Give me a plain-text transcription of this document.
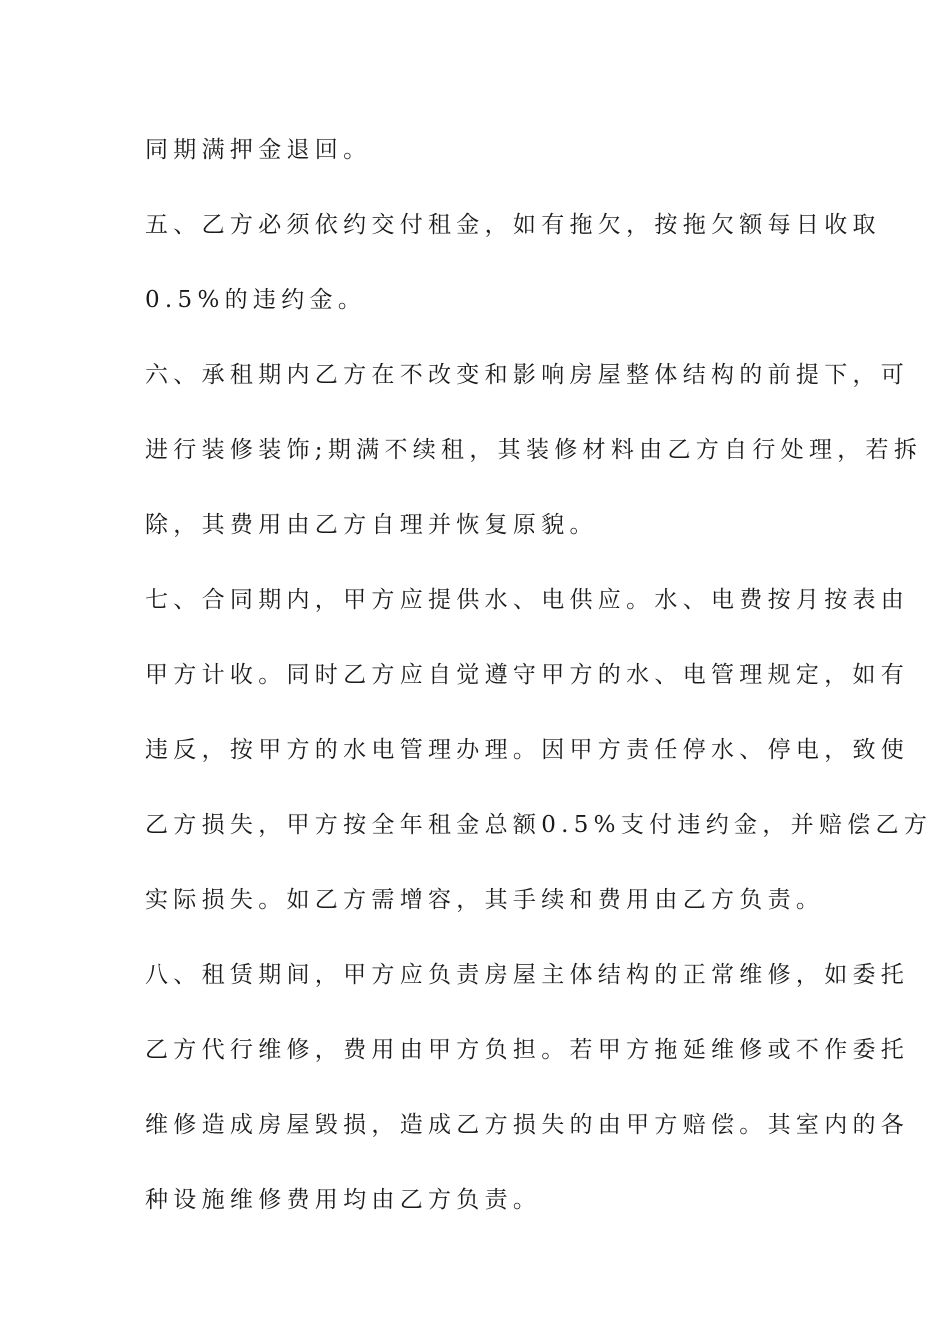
同期满押金退回。
五、乙方必须依约交付租金，如有拖欠，按拖欠额每日收取
0.5%的违约金。
六、承租期内乙方在不改变和影响房屋整体结构的前提下，可
进行装修装饰;期满不续租，其装修材料由乙方自行处理，若拆
除，其费用由乙方自理并恢复原貌。
七、合同期内，甲方应提供水、电供应。水、电费按月按表由
甲方计收。同时乙方应自觉遵守甲方的水、电管理规定，如有
违反，按甲方的水电管理办理。因甲方责任停水、停电，致使
乙方损失，甲方按全年租金总额0.5%支付违约金，并赔偿乙方
实际损失。如乙方需增容，其手续和费用由乙方负责。
八、租赁期间，甲方应负责房屋主体结构的正常维修，如委托
乙方代行维修，费用由甲方负担。若甲方拖延维修或不作委托
维修造成房屋毁损，造成乙方损失的由甲方赔偿。其室内的各
种设施维修费用均由乙方负责。
